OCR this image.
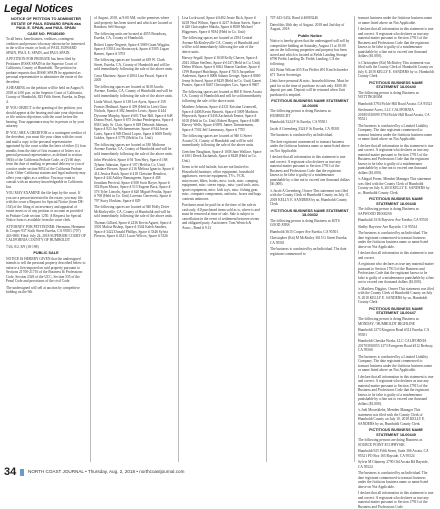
Legal Notices

NOTICE OF PETITION TO ADMINISTER ESTATE OF PAUL EDWARD SPAIN aka PAUL E. SPAIN, and PAUL SPAIN

CASE NO. PR180450

To all heirs, beneficiaries, creditors, contingent creditors and persons who may otherwise be interested in the will or estate, or both, of PAUL EDWARD SPAIN, PAUL E. SPAIN, and PAUL SPAIN

A PETITION FOR PROBATE has been filed by Petitioner JESSE SPAIN in the Superior Court of California, County of Humboldt. The petition for probate requests that JESSE SPAIN be appointed as personal representative to administer the estate of the decedent.

A HEARING on the petition will be held on August 9, 2018 at 2:00 p.m. at the Superior Court of California, County of Humboldt, 825 Fifth Street, Eureka, in Dept. 4.

IF YOU OBJECT to the granting of the petition, you should appear at the hearing and state your objections or file written objections with the court before the hearing. Your appearance may be in person or by your attorney.

IF YOU ARE A CREDITOR or a contingent creditor of the decedent, you must file your claim with the court and mail a copy to the personal representative appointed by the court within the later of either (1) four months from the date of first issuance of letters to a general personal representative, as defined in section 58(b) of the California Probate Code, or (2) 60 days from the date of mailing or personal delivery to you of a notice under section 9052 of the California Probate Code. Other California statutes and legal authority may affect your rights as a creditor. You may want to consult with an attorney knowledgeable in California law.

YOU MAY EXAMINE the file kept by the court. If you are a person interested in the estate, you may file with the court a Request for Special Notice (form DE-154) of the filing of an inventory and appraisal of estate assets or of any petition or account as provided in Probate Code section 1250. A Request for Special Notice form is available from the court clerk.

ATTORNEY FOR PETITIONER: Hermann, Hermann & Cooper 937 Sixth Street Eureka, CA 95501 (707) 443-6981 Filed: July 24, 2018 SUPERIOR COURT OF CALIFORNIA COUNTY OF HUMBOLDT

7/26, 8/2, 8/9 (18-198)

PUBLIC SALE

NOTICE IS HEREBY GIVEN that the undersigned intends to sell the personal property described below to enforce a lien imposed on said property pursuant to Sections 21700-21716 of the Business & Professions Code, Section 2328 of the UCC, Section 535 of the Penal Code and provisions of the civil Code.

The undersigned will sell at auction by competitive bidding on the 9th

of August, 2018, at 9:00 AM, on the premises where said property has been stored and which are located at Rainbow Self Storage.

The following units are located at 4055 Broadway, Eureka, CA, County of Humboldt.

Robert Lopez-Negrete, Space # 5069 Grant Wiggins, Space # 5303 Lisa Skotarczyk, Space # 5505 Logan Barnes, Space # 5703

The following spaces are located at 639 W. Clark Street, Eureka, CA, County of Humboldt and will be sold immediately following the sale of the above units.

Cassi Martinez, Space # 2004 Lisa Pascal, Space # 2405

The following spaces are located at 3618 Jacobs Avenue, Eureka, CA, County of Humboldt and will be sold immediately following the sale of the above units.

Linda Wood, Space # 138 Lee Ayers, Space # 158 Francis Hedlund, Space # 359 (Held in Lien) Gina Nichols, Space # 382 Jennifer Lewis, Space # 444 Dyvonne Murphy, Space # 601 Thor Hill, Space # 648 Donna Pearl, Space # 675 Joshua Pendergrass, Space # 838 Cindy St. Clair, Space # 849 Deborah Johnson, Space # 923 Jay Wichenmeister, Space # 944 Jessie Cates, Space # 949 David Lopez, Space # 6069 Emily Goldes, Space # 5779 (Held in Co. Unit)

The following spaces are located at 180 Midtown Avenue Eureka, CA, County of Humboldt and will be sold immediately following the sale of the above units.

John Weschlett, Space # 94 Tom Shry, Space # 168 Tyhane Johnston, Space # 197 (Held in Co. Unit) Candace Bowen, Space # 216 Melissa Ignacio, Space # 414 Jessica Bush, Space # 418 Christine Beaulieu, Space # 444 Ashley Ramasgreen, Space # 458 Jonathan Percival, Space # 508 Scott Boyer, Space # 502 Ryan Moore, Space # 513 Eugene Baca, Space # 576 Tyler Lincoln, Space # 620 Miguel Peralta, Space # 768 (Held in Co. Unit) Lorenzo Gerrevetti, Space # 797 Stacy Hoskins, Space # 829

The following spaces are located at 940 Holly Drive McKinleyville, CA, County of Humboldt and will be sold immediately following the sale of the above units.

Thomas Gillard, Space # 2236 Kevin Aguert, Space # 3303 Malcia Bishop, Space # 3344 Kaleb Sanders, Space # 3422 Donald Phillips, Space # 3346 Sylvia Pierson, Space # 4321 Lucas Wilcox, Space # 5326

Lisa Lockwood, Space # 6402 Jessie Rich, Space # 6218 Neal Wilson, Space # 4217 Ashton Sarvis, Space # 420 Christopher Shkola, Space # 8038 Michael Higgenses, Space # 9184 (Held in Co. Unit)

The following spaces are located at 2394 Central Avenue McKinleyville CA, County of Humboldt and will be sold immediately following the sale of the above units.

Harvey Segall, Space # 1638 Kelly Chavez, Space # 2041 Jillian Steffens, Space # 6147 (Held in Co. Unit) Debra Wilson, Space # 6362 Sharon Gardner, Space # 1199 Racquel Hutchings, Space # 7015 Jacqueline Anderson, Space # 8006 Sahara George, Space # 8060 Jenny Schwed, Space # 8429 (Held in Co. Unit) Garret Frazier, Space # 8467 Christopher Cox, Space # 9607

The following spaces are located at 860 E Street Arcata CA, County of Humboldt and will be sold immediately following the sale of the above units.

Matthew Johnson, Space # 4331 Kristina Cromwell, Space # 4406 Kevin Hancett, Space # 5009 Madison Hepworth, Space # 5436 Zacheriah Emera, Space # 6105 (Held in Co. Unit) Robert Rogers, Space # 6480 Harvey Wells, Space # 6891 James Timmermann, Space # 7502 Jeff Lammassy, Space # 7705

The following spaces are located at 940 G Street Arcata CA, County of Humboldt and will be sold immediately following the sale of the above units.

Gretchen Naughton, Space # 1038 Jane Wallace, Space # 6101 Derek Zachariah, Space # 8428 (Held in Co. Unit)

Items to be sold include, but are not limited to: Household furniture, office equipment, household appliances, exercise equipment, TVs, VCR, microwave, bikes, books, misc. tools, misc. camping equipment, misc. stereo equip., misc. yard tools, misc. sports equipment, misc. kids toys, misc. fishing gear, misc. computer components, and misc. boxes and bags contents unknown.

Purchases must be paid for at the time of the sale in cash only. All purchased items sold as is, where is and must be removed at time of sale. Sale is subject to cancellation in the event of settlement between owner and obligated party. Auctioneer: Tom Weirich & Assoc., Bond # 9.13

707-443-3432, Bond # 40083246

Dated this 26th day of August, 2018 and 2nd day of August, 2018

Public Notice

Notice is hereby given that the undersigned will sell by competitive bidding on Saturday, August 11 at 10:00 am on the following properties and property has been stored and which is located at Fields Landing Storage 6790 Fields Landing Dr. Fields Landing, CA the following:

#41 Brian Wilson #55 Eva Pfeffer #91 Kim Schroeder #71 Travis Sovereign

Units have personal & misc. household items. Must be paid for at the time of purchase in cash only. $100.00 deposit per unit. Deposit will be returned when Unit purchased is emptied.

FICTITIOUS BUSINESS NAME STATEMENT 18-00406

The following person is doing Business as HUMBOLDT

Humboldt 3324 F St Eureka, CA 95501

Jacob A Greenberg 3324 F St Eureka, CA 95501

The business is conducted by an Individual.

The date registrant commenced to transact business under the fictitious business name or name listed above on Not Applicable.

I declare that all information in this statement is true and correct. A registrant who declares as true any material matter pursuant to Section 17913 of the Business and Professions Code that the registrant knows to be false is guilty of a misdemeanor punishable by a fine not to exceed one thousand dollars ($1,000).

/s Jacob A Greenberg, Owner This statement was filed with the County Clerk of Humboldt County on July 11, 2018 KELLY E. SANDERS by sn, Humboldt County Clerk

FICTITIOUS BUSINESS NAME STATEMENT 18-00432

The following person is doing Business as KITS GOOD JOBS

Humboldt 3615 Cooper Ave Eureka, CA 95501

Christopher (Kit) M McKinley 3615 G Street Eureka, CA 95501

The business is conducted by an Individual. The date registrant commenced to

transact business under the fictitious business name or name listed above on Not Applicable.

I declare that all information in this statement is true and correct. A registrant who declares as true any material matter pursuant to Section 17913 of the Business and Professions Code that the registrant knows to be false is guilty of a misdemeanor punishable by a fine not to exceed one thousand dollars ($1,000).

/s Christopher (Kit) McKinley This statement was filed with the County Clerk of Humboldt County on July 6, 2018 KELLY E. SANDERS by sc, Humboldt County Clerk

FICTITIOUS BUSINESS NAME STATEMENT 18-00440

The following person is doing Business as NOTTINGHAM

Humboldt 3794 Fickle Hill Road Arcata, CA 95521

Stechsome Acres, LLC CALIFORNIA 201803510099 3794 Fickle Hill Road Arcata, CA 95521

The business is conducted by a Limited Liability Company. The date registrant commenced to transact business under the fictitious business name or name listed above on Not Applicable.

I declare that all information in this statement is true and correct. A registrant who declares as true any material matter pursuant to Section 17913 of the Business and Professions Code that the registrant knows to be false is guilty of a misdemeanor punishable by a fine not to exceed one thousand dollars ($1,000).

/s Abigail Porter, Member Manager This statement was filed with the County Clerk of Humboldt County on July 6, 2018 KELLY E. SANDERS by sc, Humboldt County Clerk

FICTITIOUS BUSINESS NAME STATEMENT 18-00448

The following person is doing Business as SAPWOOD DESIGNS

Humboldt 3316 Bayview Ave Eureka, CA 95501

Shelby Bayview Ave Bayside, CA 95524

The business is conducted by an Individual. The date registrant commenced to transact business under the fictitious business name or name listed above on Not Applicable.

I declare that all information in this statement is true and correct.

A registrant who declares as true any material matter pursuant to Section 17913 of the Business and Professions Code that the registrant knows to be false is guilty of a misdemeanor punishable by a fine not to exceed one thousand dollars ($1,000).

/s Matthew Diggins, Owner This statement was filed with the County Clerk of Humboldt County on July 9, 2018 KELLY E. SANDERS by sn, Humboldt County Clerk

FICTITIOUS BUSINESS NAME STATEMENT 18-00447

The following person is doing Business as MONDAY / HUMBOLDT HIGHLINE

Humboldt 1273 Kingston Road #312 Eureka, CA 95501

Humboldt Chestka Works, LLC CALIFORNIA 201703910053 1273 Evergreen Road #312 Redway, CA 95560

The business is conducted by a Limited Liability Company. The date registrant commenced to transact business under the fictitious business name or name listed above on Not Applicable.

I declare that all information in this statement is true and correct. A registrant who declares as true any material matter pursuant to Section 17913 of the Business and Professions Code that the registrant knows to be false is guilty of a misdemeanor punishable by a fine not to exceed one thousand dollars ($1,000).

/s Jodi Mosesklebe, Member Manager This statement was filed with the County Clerk of Humboldt County on July 10, 2018 KELLY E. SANDERS by sn, Humboldt County Clerk

FICTITIOUS BUSINESS NAME STATEMENT 18-00449

The following persons are doing Business as SOURCE POINT ECOPHYSIK

Humboldt 925 Fifth Street, Suite 306 Arcata, CA 95521 PO Box 165 Bayside, CA 95524

Sylvie M Chimeny 2790 Old Arcata Rd Bayside, CA 95524

The business is conducted by an Individual. The date registrant commenced to transact business under the fictitious business name or name listed above on Not Applicable.

I declare that all information in this statement is true and correct. A registrant who declares as true any material matter pursuant to Section 17913 of the Business and Professions Code

34	NORTH COAST JOURNAL • Thursday, Aug. 2, 2018 • northcoastjournal.com
